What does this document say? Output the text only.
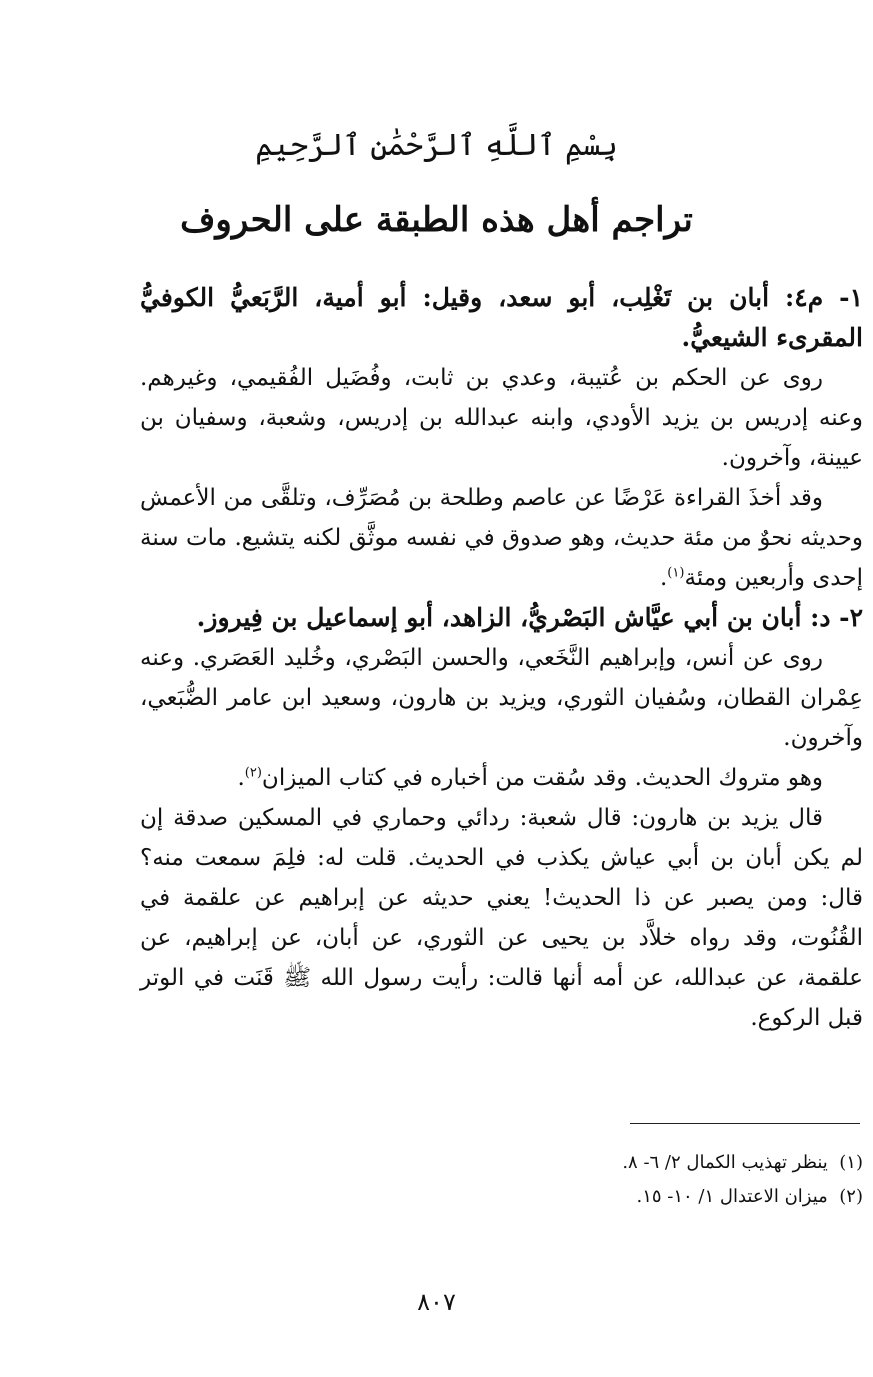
بِسْمِ ٱللَّهِ ٱلرَّحْمَٰنِ ٱلرَّحِيمِ
تراجم أهل هذه الطبقة على الحروف

١- م٤: أبان بن تَغْلِب، أبو سعد، وقيل: أبو أمية، الرَّبَعيُّ الكوفيُّ المقرىء الشيعيُّ.

روى عن الحكم بن عُتيبة، وعدي بن ثابت، وفُضَيل الفُقيمي، وغيرهم. وعنه إدريس بن يزيد الأودي، وابنه عبدالله بن إدريس، وشعبة، وسفيان بن عيينة، وآخرون.

وقد أخذَ القراءة عَرْضًا عن عاصم وطلحة بن مُصَرِّف، وتلقَّى من الأعمش وحديثه نحوٌ من مئة حديث، وهو صدوق في نفسه موثَّق لكنه يتشيع. مات سنة إحدى وأربعين ومئة$^{(١)}$.

٢- د: أبان بن أبي عيَّاش البَصْريُّ، الزاهد، أبو إسماعيل بن فِيروز.

روى عن أنس، وإبراهيم النَّخَعي، والحسن البَصْري، وخُليد العَصَري. وعنه عِمْران القطان، وسُفيان الثوري، ويزيد بن هارون، وسعيد ابن عامر الضُّبَعي، وآخرون.

وهو متروك الحديث. وقد سُقت من أخباره في كتاب الميزان$^{(٢)}$.

قال يزيد بن هارون: قال شعبة: ردائي وحماري في المسكين صدقة إن لم يكن أبان بن أبي عياش يكذب في الحديث. قلت له: فلِمَ سمعت منه؟ قال: ومن يصبر عن ذا الحديث! يعني حديثه عن إبراهيم عن علقمة في القُنُوت، وقد رواه خلاَّد بن يحيى عن الثوري، عن أبان، عن إبراهيم، عن علقمة، عن عبدالله، عن أمه أنها قالت: رأيت رسول الله ﷺ قَنَت في الوتر قبل الركوع.

(١)  ينظر تهذيب الكمال ٢/ ٦- ٨.

(٢)  ميزان الاعتدال ١/ ١٠- ١٥.

٨٠٧
